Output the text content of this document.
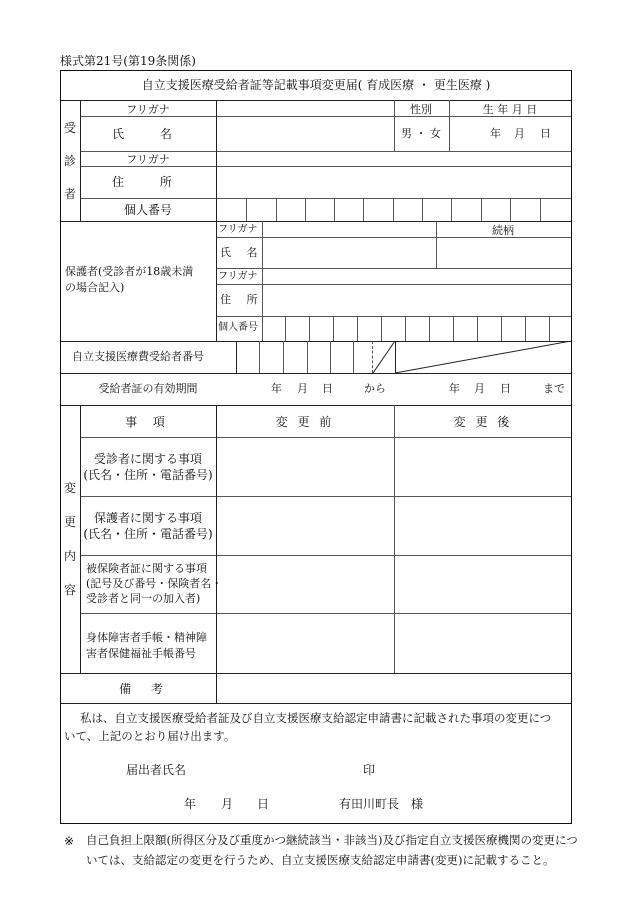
様式第21号(第19条関係)
自立支援医療受給者証等記載事項変更届( 育成医療 ・ 更生医療 )
受
診
者
フリガナ	性別	生 年 月 日
氏 名	男 ・ 女	年 月 日
フリガナ
住 所
個人番号
保護者(受診者が18歳未満
の場合記入)
フリガナ	続柄
氏 名
フリガナ
住 所
個人番号
自立支援医療費受給者番号
受給者証の有効期間	年 月 日	から	年 月 日	まで
変
更
内
容
事 項	変 更 前	変 更 後
受診者に関する事項
(氏名・住所・電話番号)
保護者に関する事項
(氏名・住所・電話番号)
被保険者証に関する事項
(記号及び番号・保険者名・
受診者と同一の加入者)
身体障害者手帳・精神障
害者保健福祉手帳番号
備 考
私は、自立支援医療受給者証及び自立支援医療支給認定申請書に記載された事項の変更につ
いて、上記のとおり届け出ます。
届出者氏名	印
年 月 日	有田川町長　様
※ 自己負担上限額(所得区分及び重度かつ継続該当・非該当)及び指定自立支援医療機関の変更につ
いては、支給認定の変更を行うため、自立支援医療支給認定申請書(変更)に記載すること。
